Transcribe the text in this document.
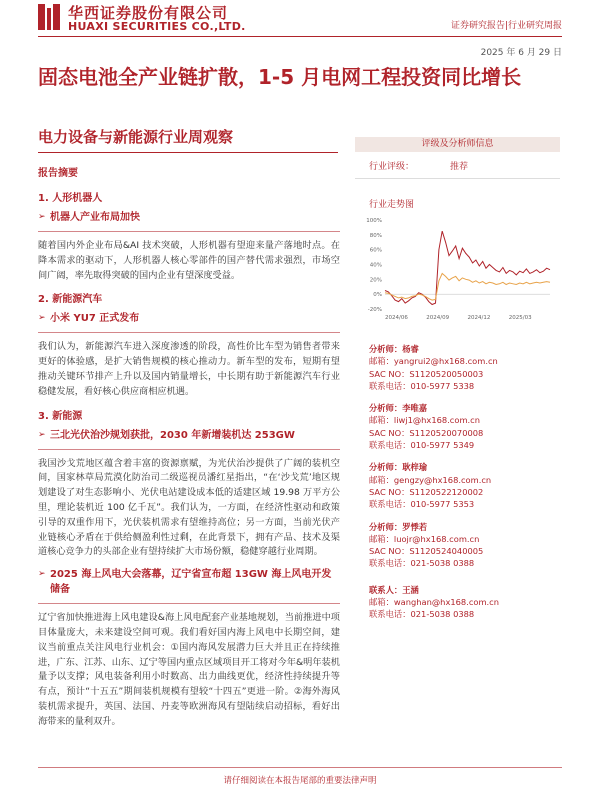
华西证券股份有限公司
HUAXI SECURITIES CO.,LTD.	证券研究报告|行业研究周报
2025 年 6 月 29 日
固态电池全产业链扩散，1-5 月电网工程投资同比增长
电力设备与新能源行业周观察
报告摘要
1. 人形机器人
➢ 机器人产业布局加快
随着国内外企业布局&AI 技术突破，人形机器有望迎来量产落地时点。在降本需求的驱动下，人形机器人核心零部件的国产替代需求强烈，市场空间广阔，率先取得突破的国内企业有望深度受益。
2. 新能源汽车
➢ 小米 YU7 正式发布
我们认为，新能源汽车进入深度渗透的阶段，高性价比车型为销售者带来更好的体验感，是扩大销售规模的核心推动力。新车型的发布，短期有望推动关键环节排产上升以及国内销量增长，中长期有助于新能源汽车行业稳健发展，看好核心供应商相应机遇。
3. 新能源
➢ 三北光伏治沙规划获批，2030 年新增装机达 253GW
我国沙戈荒地区蕴含着丰富的资源禀赋，为光伏治沙提供了广阔的装机空间，国家林草局荒漠化防治司二级巡视员潘红星指出，“在‘沙戈荒’地区规划建设了对生态影响小、光伏电站建设成本低的适建区域 19.98 万平方公里，理论装机近 100 亿千瓦”。我们认为，一方面，在经济性驱动和政策引导的双重作用下，光伏装机需求有望维持高位；另一方面，当前光伏产业链核心矛盾在于供给侧盈利性过剩，在此背景下，拥有产品、技术及渠道核心竞争力的头部企业有望持续扩大市场份额，稳健穿越行业周期。
➢ 2025 海上风电大会落幕，辽宁省宣布超 13GW 海上风电开发储备
辽宁省加快推进海上风电建设&海上风电配套产业基地规划，当前推进中项目体量庞大，未来建设空间可观。我们看好国内海上风电中长期空间，建议当前重点关注风电行业机会：①国内海风发展潜力巨大并且正在持续推进，广东、江苏、山东、辽宁等国内重点区域项目开工将对今年&明年装机量予以支撑；风电装备利用小时数高、出力曲线更优，经济性持续提升等有点，预计“十五五”期间装机规模有望较“十四五”更进一阶。②海外海风装机需求提升，英国、法国、丹麦等欧洲海风有望陆续启动招标，看好出海带来的量利双升。
评级及分析师信息
行业评级：	推荐
行业走势图
100%
80%
60%
40%
20%
0%
-20%
2024/06	2024/09	2024/12	2025/03
分析师：杨睿
邮箱：yangrui2@hx168.com.cn
SAC NO：S1120520050003
联系电话：010-5977 5338
分析师：李唯嘉
邮箱：liwj1@hx168.com.cn
SAC NO：S1120520070008
联系电话：010-5977 5349
分析师：耿梓瑜
邮箱：gengzy@hx168.com.cn
SAC NO：S1120522120002
联系电话：010-5977 5353
分析师：罗悸若
邮箱：luojr@hx168.com.cn
SAC NO：S1120524040005
联系电话：021-5038 0388
联系人：王涵
邮箱：wanghan@hx168.com.cn
联系电话：021-5038 0388
请仔细阅读在本报告尾部的重要法律声明
